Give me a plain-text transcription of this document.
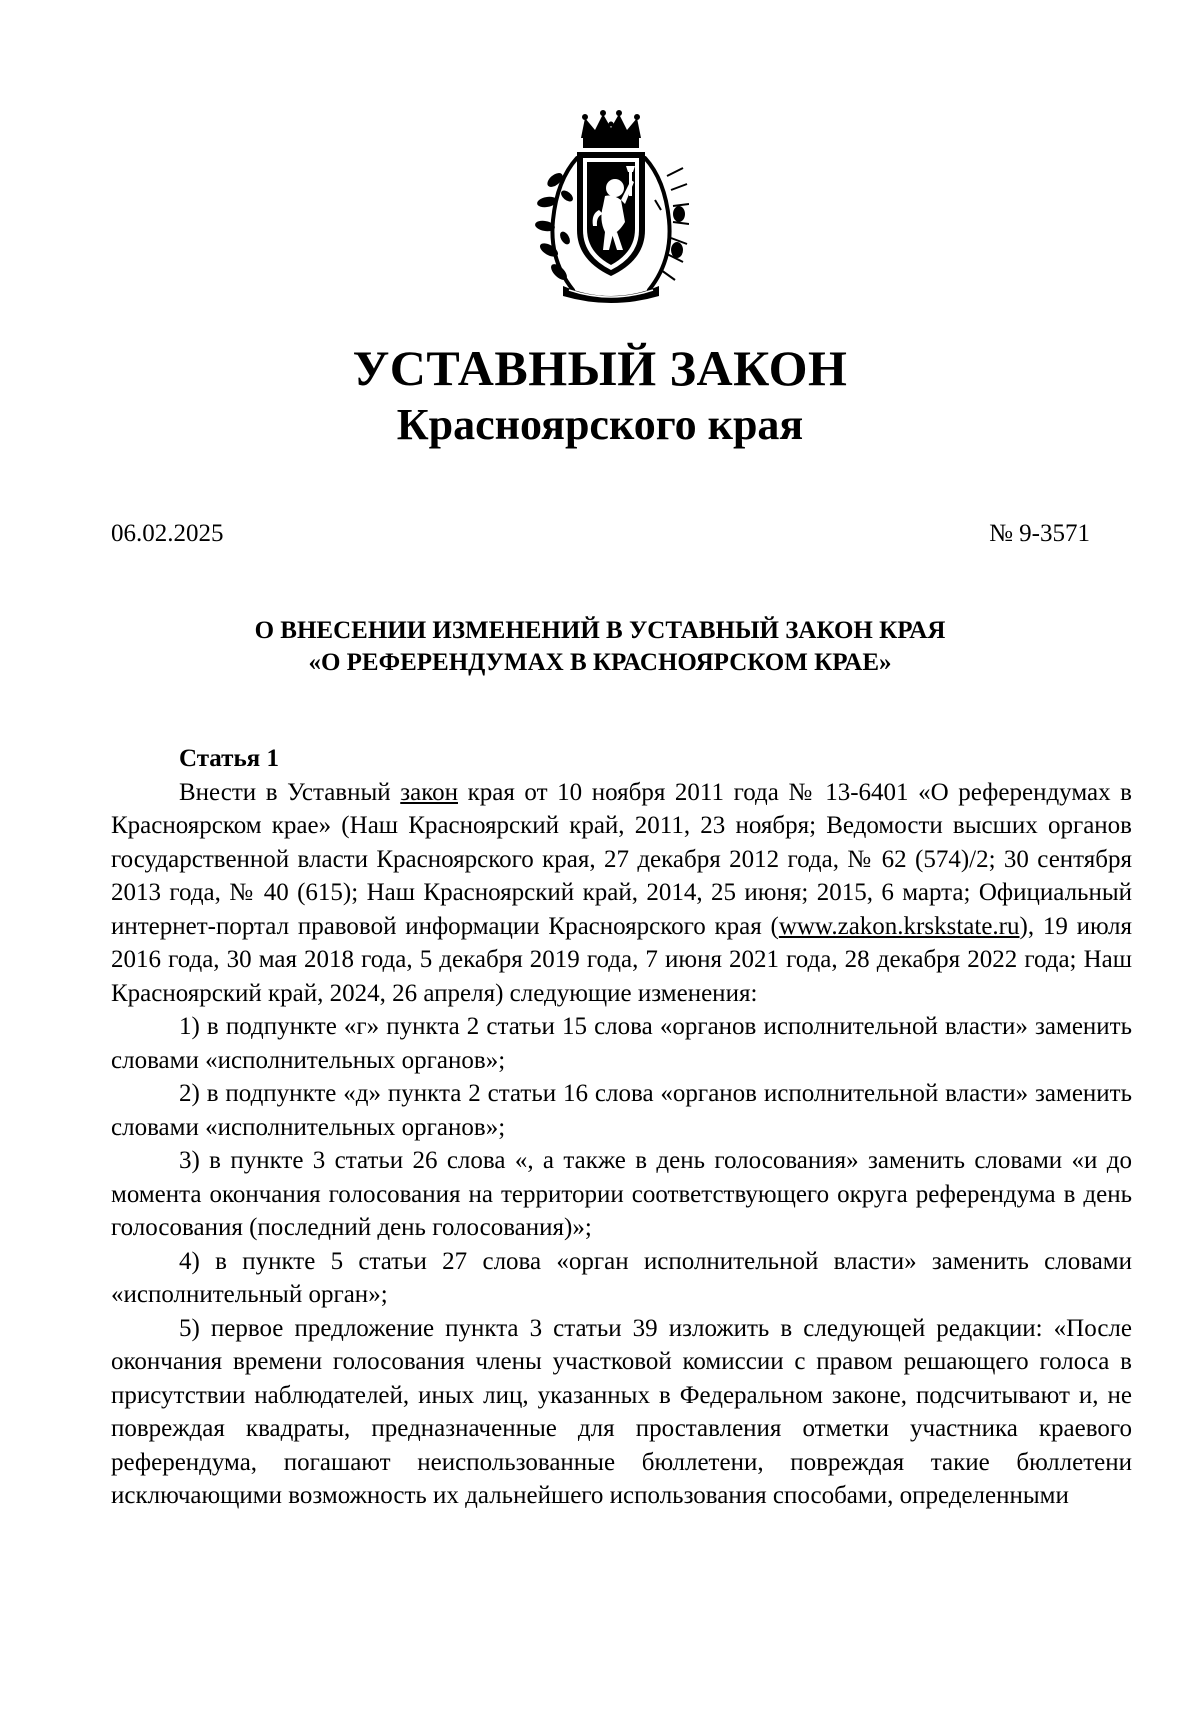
УСТАВНЫЙ ЗАКОН
Красноярского края
06.02.2025	№ 9-3571
О ВНЕСЕНИИ ИЗМЕНЕНИЙ В УСТАВНЫЙ ЗАКОН КРАЯ
«О РЕФЕРЕНДУМАХ В КРАСНОЯРСКОМ КРАЕ»

Статья 1

Внести в Уставный закон края от 10 ноября 2011 года № 13-6401 «О референдумах в Красноярском крае» (Наш Красноярский край, 2011, 23 ноября; Ведомости высших органов государственной власти Красноярского края, 27 декабря 2012 года, № 62 (574)/2; 30 сентября 2013 года, № 40 (615); Наш Красноярский край, 2014, 25 июня; 2015, 6 марта; Официальный интернет-портал правовой информации Красноярского края (www.zakon.krskstate.ru), 19 июля 2016 года, 30 мая 2018 года, 5 декабря 2019 года, 7 июня 2021 года, 28 декабря 2022 года; Наш Красноярский край, 2024, 26 апреля) следующие изменения:

1) в подпункте «г» пункта 2 статьи 15 слова «органов исполнительной власти» заменить словами «исполнительных органов»;

2) в подпункте «д» пункта 2 статьи 16 слова «органов исполнительной власти» заменить словами «исполнительных органов»;

3) в пункте 3 статьи 26 слова «, а также в день голосования» заменить словами «и до момента окончания голосования на территории соответствующего округа референдума в день голосования (последний день голосования)»;

4) в пункте 5 статьи 27 слова «орган исполнительной власти» заменить словами «исполнительный орган»;

5) первое предложение пункта 3 статьи 39 изложить в следующей редакции: «После окончания времени голосования члены участковой комиссии с правом решающего голоса в присутствии наблюдателей, иных лиц, указанных в Федеральном законе, подсчитывают и, не повреждая квадраты, предназначенные для проставления отметки участника краевого референдума, погашают неиспользованные бюллетени, повреждая такие бюллетени исключающими возможность их дальнейшего использования способами, определенными
